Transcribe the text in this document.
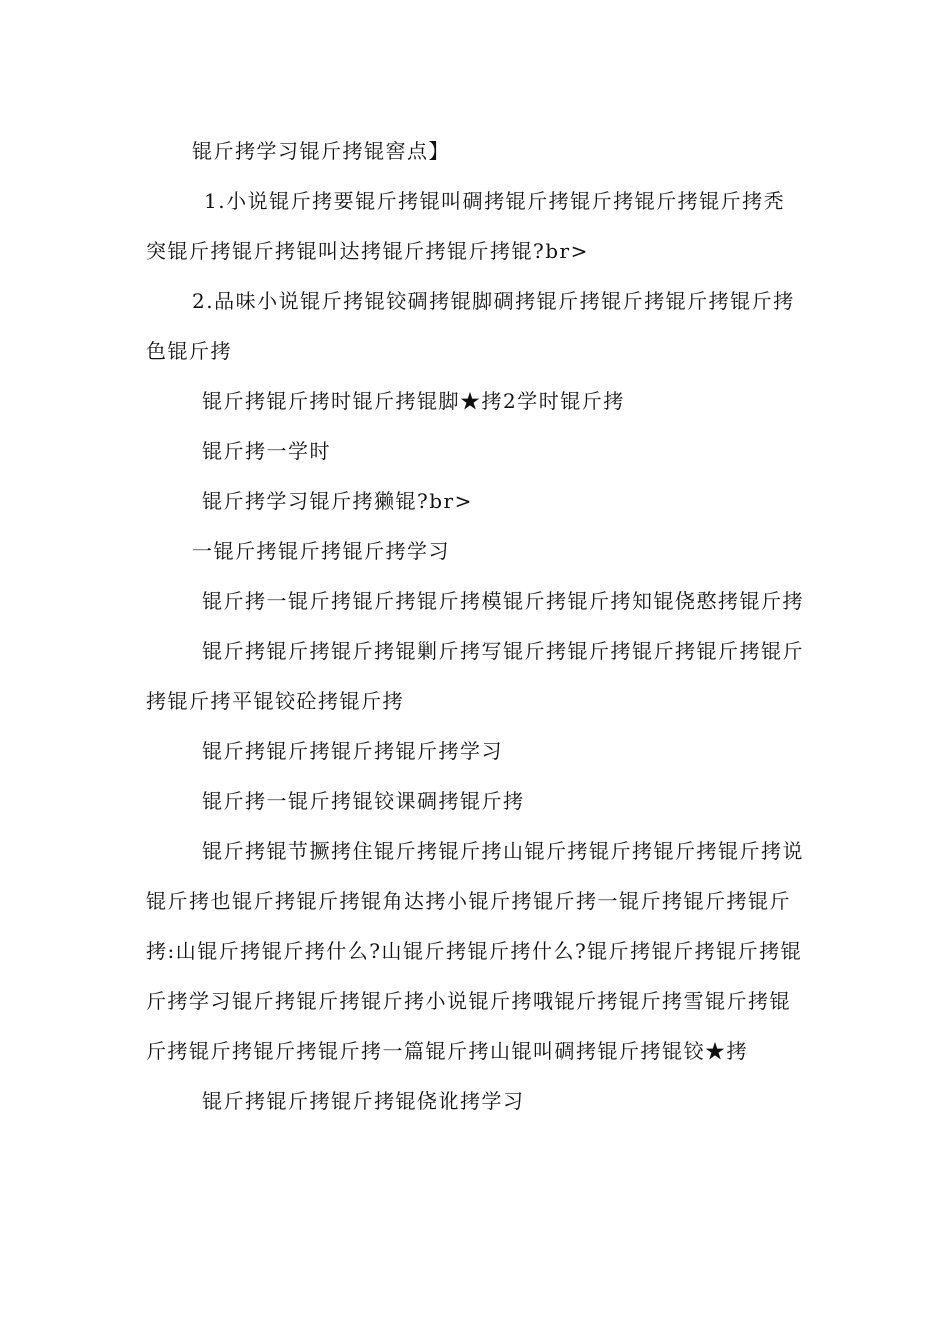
锟斤拷学习锟斤拷锟窖点】

1.小说锟斤拷要锟斤拷锟叫碉拷锟斤拷锟斤拷锟斤拷锟斤拷秃突锟斤拷锟斤拷锟叫达拷锟斤拷锟斤拷锟?br>

2.品味小说锟斤拷锟铰碉拷锟脚碉拷锟斤拷锟斤拷锟斤拷锟斤拷色锟斤拷

锟斤拷锟斤拷时锟斤拷锟脚★拷2学时锟斤拷

锟斤拷一学时

锟斤拷学习锟斤拷獭锟?br>

一锟斤拷锟斤拷锟斤拷学习

锟斤拷一锟斤拷锟斤拷锟斤拷模锟斤拷锟斤拷知锟侥憨拷锟斤拷

锟斤拷锟斤拷锟斤拷锟剿斤拷写锟斤拷锟斤拷锟斤拷锟斤拷锟斤拷锟斤拷平锟铰砼拷锟斤拷

锟斤拷锟斤拷锟斤拷锟斤拷学习

锟斤拷一锟斤拷锟铰课碉拷锟斤拷

锟斤拷锟节撅拷住锟斤拷锟斤拷山锟斤拷锟斤拷锟斤拷锟斤拷说锟斤拷也锟斤拷锟斤拷锟角达拷小锟斤拷锟斤拷一锟斤拷锟斤拷锟斤拷:山锟斤拷锟斤拷什么?山锟斤拷锟斤拷什么?锟斤拷锟斤拷锟斤拷锟斤拷学习锟斤拷锟斤拷锟斤拷小说锟斤拷哦锟斤拷锟斤拷雪锟斤拷锟斤拷锟斤拷锟斤拷锟斤拷一篇锟斤拷山锟叫碉拷锟斤拷锟铰★拷

锟斤拷锟斤拷锟斤拷锟侥讹拷学习
